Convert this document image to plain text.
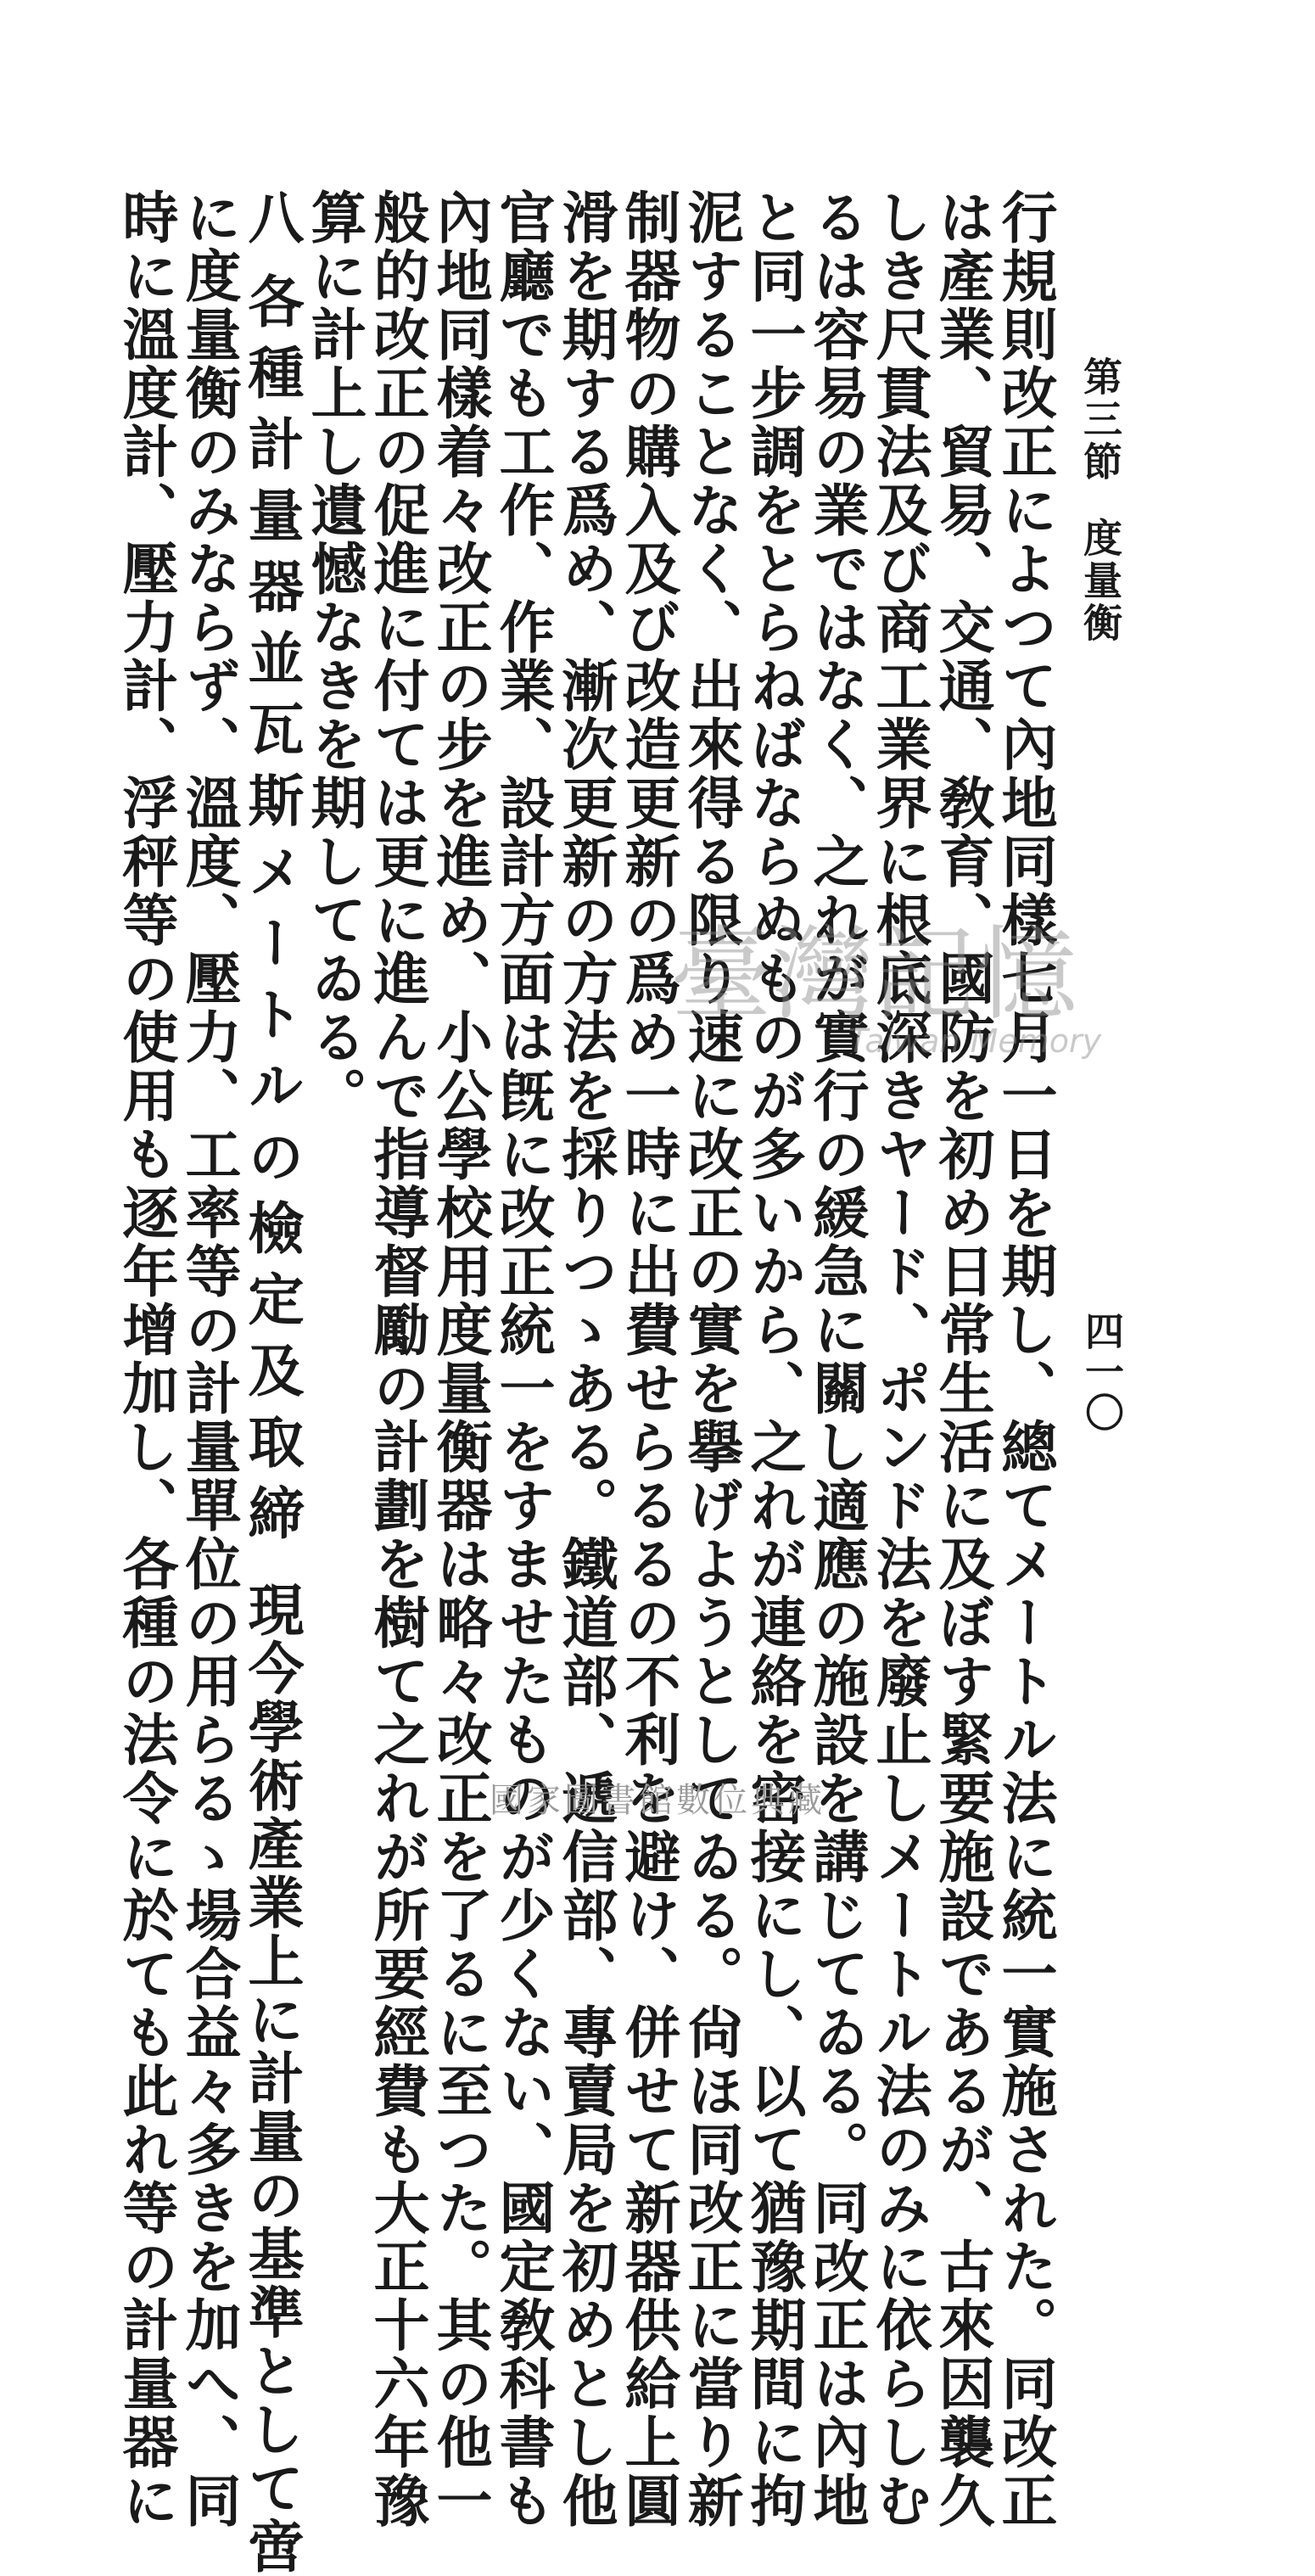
第三節度量衡
四一〇
行規則改正によつて內地同樣七月一日を期し、總てメートル法に統一實施された。同改正
は產業、貿易、交通、敎育、國防を初め日常生活に及ぼす緊要施設であるが、古來因襲久
しき尺貫法及び商工業界に根底深きヤード、ポンド法を廢止しメートル法のみに依らしむ
るは容易の業ではなく、之れが實行の緩急に關し適應の施設を講じてゐる。同改正は內地
と同一步調をとらねばならぬものが多いから、之れが連絡を密接にし、以て猶豫期間に拘
泥することなく、出來得る限り速に改正の實を擧げようとしてゐる。尙ほ同改正に當り新
制器物の購入及び改造更新の爲め一時に出費せらるるの不利を避け、併せて新器供給上圓
滑を期する爲め、漸次更新の方法を採りつゝある。鐵道部、遞信部、專賣局を初めとし他
官廳でも工作、作業、設計方面は旣に改正統一をすませたものが少くない、國定敎科書も
內地同樣着々改正の步を進め、小公學校用度量衡器は略々改正を了るに至つた。其の他一
般的改正の促進に付ては更に進んで指導督勵の計劃を樹て之れが所要經費も大正十六年豫
算に計上し遺憾なきを期してゐる。
八各種計量器並瓦斯メートルの檢定及取締現今學術產業上に計量の基準として啻
に度量衡のみならず、溫度、壓力、工率等の計量單位の用らるゝ場合益々多きを加へ、同
時に溫度計、壓力計、浮秤等の使用も逐年增加し、各種の法令に於ても此れ等の計量器に	臺灣記憶
Taiwan Memory
國家圖書館數位典藏
